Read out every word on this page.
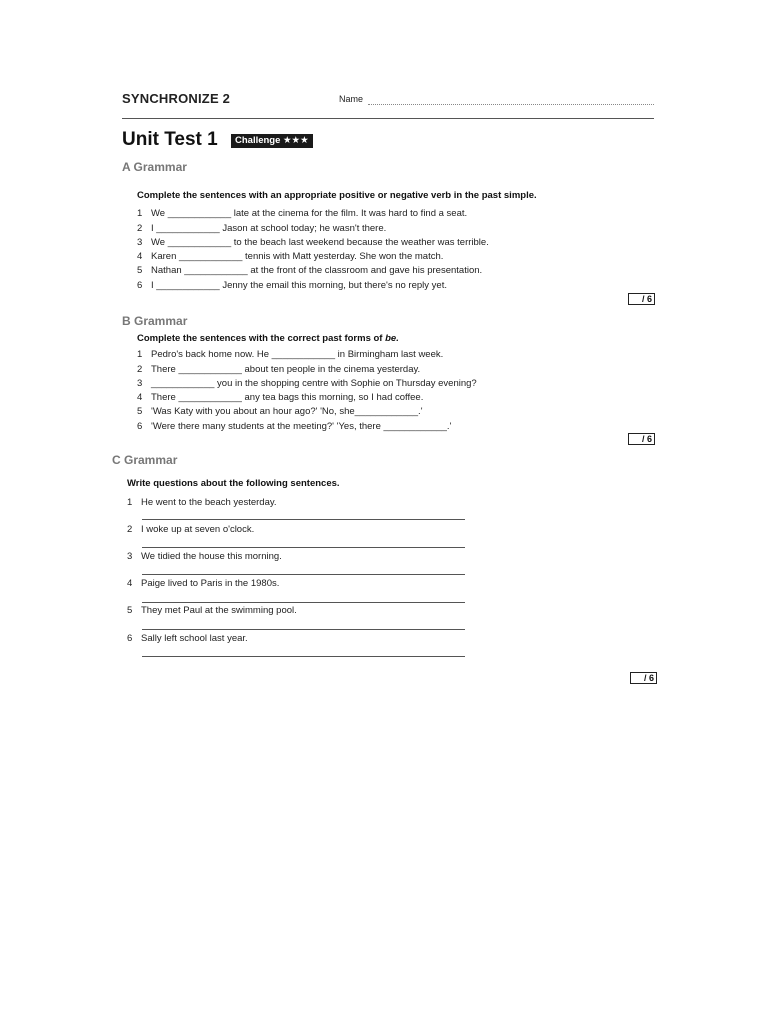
SYNCHRONIZE 2	Name
Unit Test 1	Challenge ★★★
A Grammar
Complete the sentences with an appropriate positive or negative verb in the past simple.
1 We ____________ late at the cinema for the film. It was hard to find a seat.
2 I ____________ Jason at school today; he wasn't there.
3 We ____________ to the beach last weekend because the weather was terrible.
4 Karen ____________ tennis with Matt yesterday. She won the match.
5 Nathan ____________ at the front of the classroom and gave his presentation.
6 I ____________ Jenny the email this morning, but there's no reply yet.
/ 6
B Grammar
Complete the sentences with the correct past forms of be.
1 Pedro's back home now. He ____________ in Birmingham last week.
2 There ____________ about ten people in the cinema yesterday.
3 ____________ you in the shopping centre with Sophie on Thursday evening?
4 There ____________ any tea bags this morning, so I had coffee.
5 'Was Katy with you about an hour ago?' 'No, she____________.'
6 'Were there many students at the meeting?' 'Yes, there ____________.'
/ 6
C Grammar
Write questions about the following sentences.
1 He went to the beach yesterday.
2 I woke up at seven o'clock.
3 We tidied the house this morning.
4 Paige lived to Paris in the 1980s.
5 They met Paul at the swimming pool.
6 Sally left school last year.
/ 6
